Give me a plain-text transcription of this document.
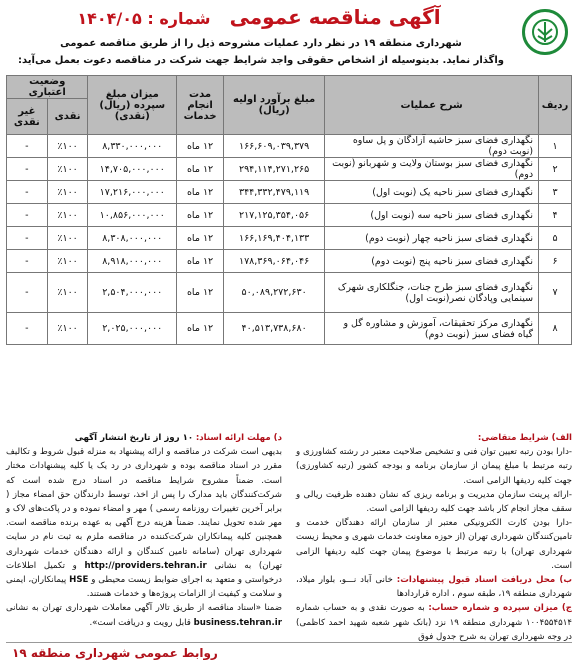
آگهی مناقصه عمومی شماره : ۱۴۰۴/۰۵
شهرداری منطقه ۱۹ در نظر دارد عملیات مشروحه ذیل را از طریق مناقصه عمومی
واگذار نماید. بدینوسیله از اشخاص حقوقی واجد شرایط جهت شرکت در مناقصه دعوت بعمل می‌آید:
ردیف	شرح عملیات	مبلغ برآورد اولیه (ریال)	مدت انجام خدمات	میزان مبلغ سپرده (ریال) (نقدی)	وضعیت اعتباری	
					نقدی	غیر نقدی
۱	نگهداری فضای سبز حاشیه آزادگان و پل ساوه (نوبت دوم)	۱۶۶,۶۰۹,۰۳۹,۳۷۹	۱۲ ماه	۸,۳۳۰,۰۰۰,۰۰۰	٪۱۰۰	-
۲	نگهداری فضای سبز بوستان ولایت و شهربانو (نوبت دوم)	۲۹۴,۱۱۴,۲۷۱,۲۶۵	۱۲ ماه	۱۴,۷۰۵,۰۰۰,۰۰۰	٪۱۰۰	-
۳	نگهداری فضای سبز ناحیه یک (نوبت اول)	۳۴۴,۳۳۲,۴۷۹,۱۱۹	۱۲ ماه	۱۷,۲۱۶,۰۰۰,۰۰۰	٪۱۰۰	-
۴	نگهداری فضای سبز ناحیه سه (نوبت اول)	۲۱۷,۱۲۵,۳۵۴,۰۵۶	۱۲ ماه	۱۰,۸۵۶,۰۰۰,۰۰۰	٪۱۰۰	-
۵	نگهداری فضای سبز ناحیه چهار (نوبت دوم)	۱۶۶,۱۶۹,۴۰۴,۱۳۳	۱۲ ماه	۸,۳۰۸,۰۰۰,۰۰۰	٪۱۰۰	-
۶	نگهداری فضای سبز ناحیه پنج (نوبت دوم)	۱۷۸,۳۶۹,۰۶۴,۰۴۶	۱۲ ماه	۸,۹۱۸,۰۰۰,۰۰۰	٪۱۰۰	-
۷	نگهداری فضای سبز طرح جنات، جنگلکاری شهرک سینمایی وپادگان نصر(نوبت اول)	۵۰,۰۸۹,۲۷۲,۶۳۰	۱۲ ماه	۲,۵۰۴,۰۰۰,۰۰۰	٪۱۰۰	-
۸	نگهداری مرکز تحقیقات، آموزش و مشاوره گل و گیاه فضای سبز (نوبت دوم)	۴۰,۵۱۳,۷۳۸,۶۸۰	۱۲ ماه	۲,۰۲۵,۰۰۰,۰۰۰	٪۱۰۰	-
الف) شرایط متقاضی:
-دارا بودن رتبه تعیین توان فنی و تشخیص صلاحیت معتبر در رشته کشاورزی و رتبه مرتبط با مبلغ پیمان از سازمان برنامه و بودجه کشور (رتبه کشاورزی) جهت کلیه ردیفها الزامی است.
-ارائه پرینت سازمان مدیریت و برنامه ریزی که نشان دهنده ظرفیت ریالی و سقف مجاز انجام کار باشد جهت کلیه ردیفها الزامی است.
-دارا بودن کارت الکترونیکی معتبر از سازمان ارائه دهندگان خدمت و تامین‌کنندگان شهرداری تهران (از حوزه معاونت خدمات شهری و محیط زیست شهرداری تهران) با رتبه مرتبط با موضوع پیمان جهت کلیه ردیفها الزامی است.
ب) محل دریافت اسناد قبول پیشنهادات: خانی آباد نـــو، بلوار میلاد، شهرداری منطقه ۱۹، طبقه سوم ، اداره قراردادها
ج) میزان سپرده و شماره حساب: به صورت نقدی و به حساب شماره ۱۰۰۴۵۵۴۵۱۴ شهرداری منطقه ۱۹ نزد (بانک شهر شعبه شهید احمد کاظمی) در وجه شهرداری تهران به شرح جدول فوق
د) مهلت ارائه اسناد: ۱۰ روز از تاریخ انتشار آگهی
بدیهی است شرکت در مناقصه و ارائه پیشنهاد به منزله قبول شروط و تکالیف مقرر در اسناد مناقصه بوده و شهرداری در رد یک یا کلیه پیشنهادات مختار است. ضمناً مشروح شرایط مناقصه در اسناد درج شده است که شرکت‌کنندگان باید مدارک را پس از اخذ، توسط دارندگان حق امضاء مجاز ( برابر آخرین تغییرات روزنامه رسمی ) مهر و امضاء نموده و در پاکت‌های لاک و مهر شده تحویل نمایند. ضمناً هزینه درج آگهی به عهده برنده مناقصه است. همچنین کلیه پیمانکاران شرکت‌کننده در مناقصه ملزم به ثبت نام در سایت شهرداری تهران (سامانه تامین کنندگان و ارائه دهندگان خدمات شهرداری تهران) به نشانی http://providers.tehran.ir و تکمیل اطلاعات درخواستی و متعهد به اجرای ضوابط زیست محیطی و HSE پیمانکاران، ایمنی و سلامت و کیفیت از الزامات پروژه‌ها و خدمات هستند.
ضمنا «اسناد مناقصه از طریق تالار آگهی معاملات شهرداری تهران به نشانی business.tehran.ir قابل رویت و دریافت است».
روابط عمومی شهرداری منطقه ۱۹
